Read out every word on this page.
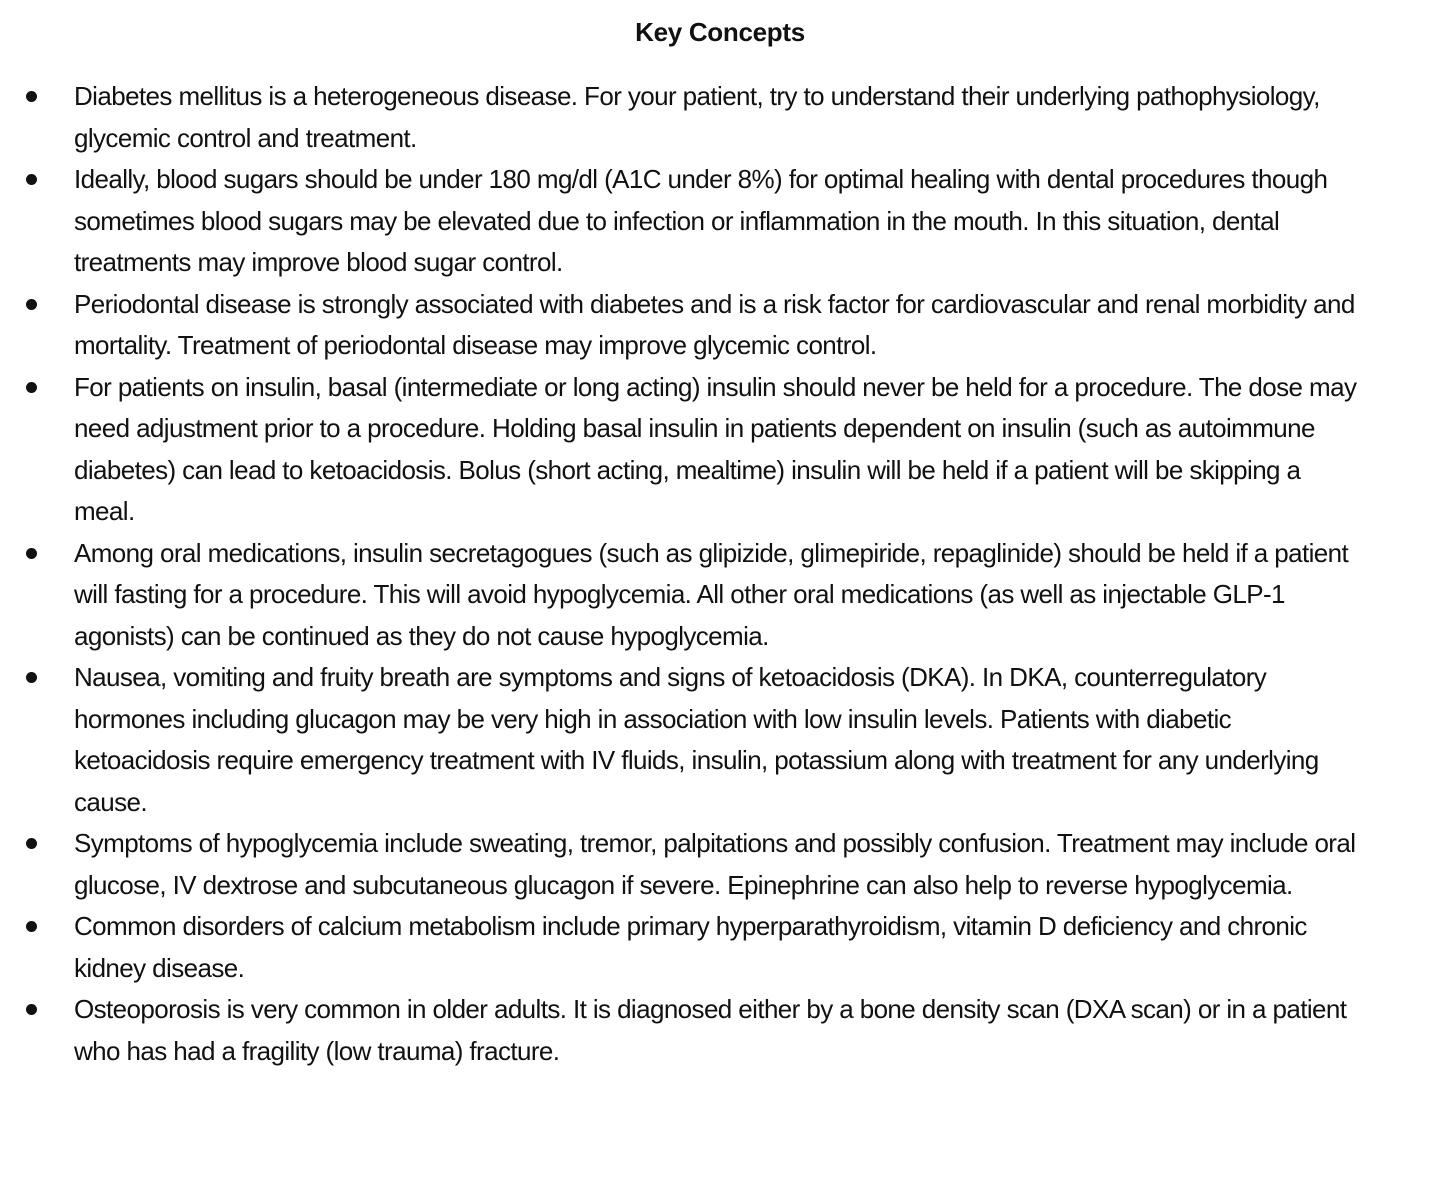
Key Concepts
Diabetes mellitus is a heterogeneous disease. For your patient, try to understand their underlying pathophysiology, glycemic control and treatment.
Ideally, blood sugars should be under 180 mg/dl (A1C under 8%) for optimal healing with dental procedures though sometimes blood sugars may be elevated due to infection or inflammation in the mouth. In this situation, dental treatments may improve blood sugar control.
Periodontal disease is strongly associated with diabetes and is a risk factor for cardiovascular and renal morbidity and mortality. Treatment of periodontal disease may improve glycemic control.
For patients on insulin, basal (intermediate or long acting) insulin should never be held for a procedure. The dose may need adjustment prior to a procedure. Holding basal insulin in patients dependent on insulin (such as autoimmune diabetes) can lead to ketoacidosis. Bolus (short acting, mealtime) insulin will be held if a patient will be skipping a meal.
Among oral medications, insulin secretagogues (such as glipizide, glimepiride, repaglinide) should be held if a patient will fasting for a procedure. This will avoid hypoglycemia. All other oral medications (as well as injectable GLP-1 agonists) can be continued as they do not cause hypoglycemia.
Nausea, vomiting and fruity breath are symptoms and signs of ketoacidosis (DKA). In DKA, counterregulatory hormones including glucagon may be very high in association with low insulin levels. Patients with diabetic ketoacidosis require emergency treatment with IV fluids, insulin, potassium along with treatment for any underlying cause.
Symptoms of hypoglycemia include sweating, tremor, palpitations and possibly confusion. Treatment may include oral glucose, IV dextrose and subcutaneous glucagon if severe. Epinephrine can also help to reverse hypoglycemia.
Common disorders of calcium metabolism include primary hyperparathyroidism, vitamin D deficiency and chronic kidney disease.
Osteoporosis is very common in older adults. It is diagnosed either by a bone density scan (DXA scan) or in a patient who has had a fragility (low trauma) fracture.
